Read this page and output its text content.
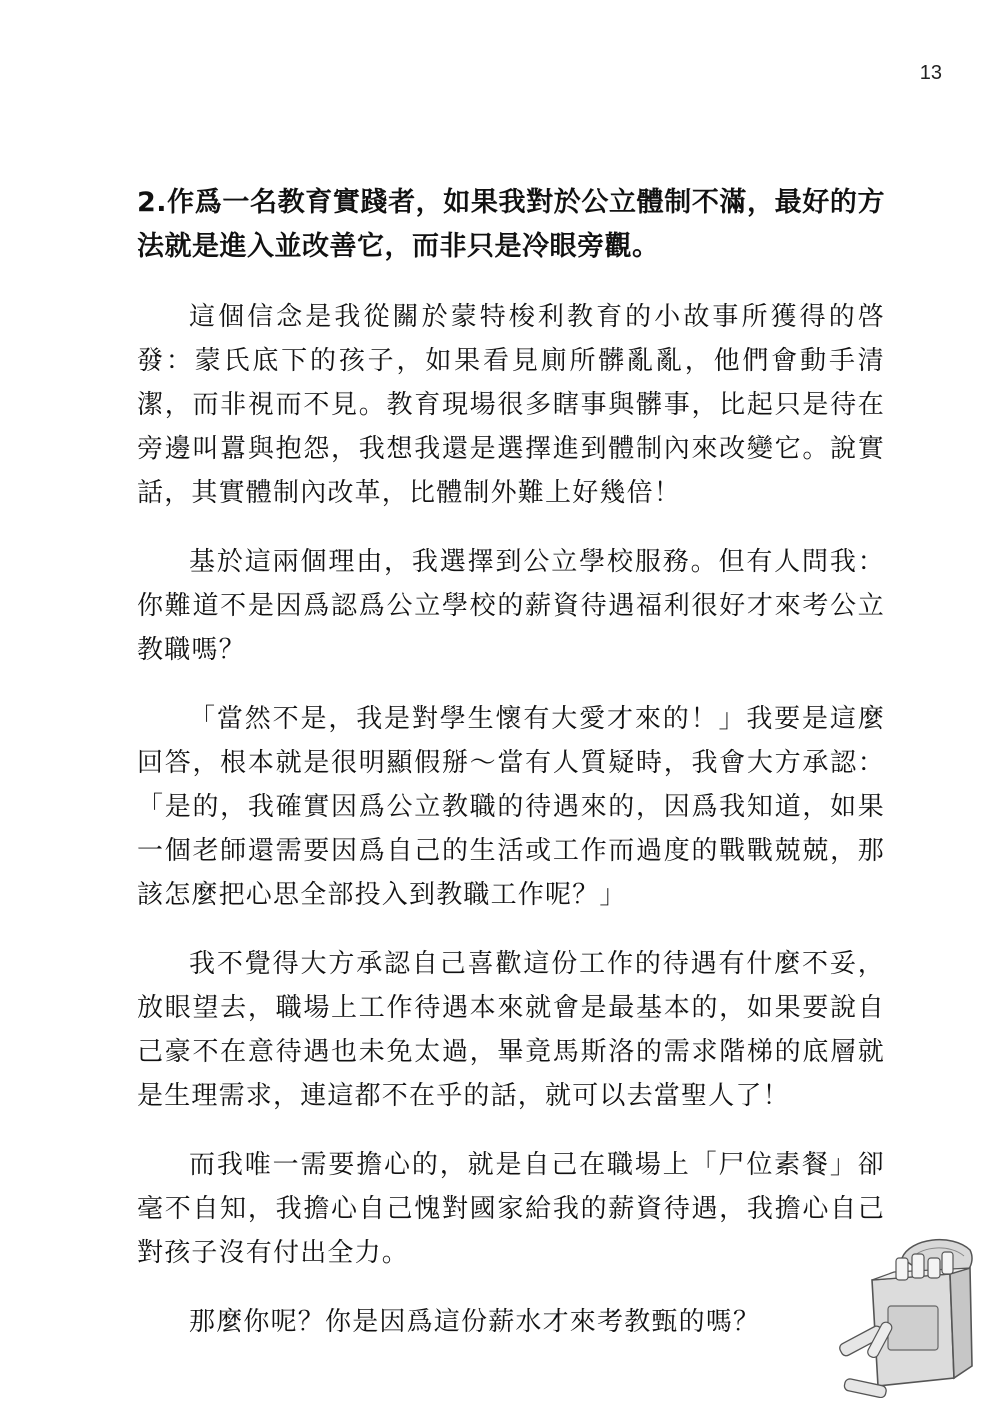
13

2.作爲一名教育實踐者，如果我對於公立體制不滿，最好的方法就是進入並改善它，而非只是冷眼旁觀。

這個信念是我從關於蒙特梭利教育的小故事所獲得的啓發：蒙氏底下的孩子，如果看見廁所髒亂亂，他們會動手清潔，而非視而不見。教育現場很多瞎事與髒事，比起只是待在旁邊叫囂與抱怨，我想我還是選擇進到體制內來改變它。說實話，其實體制內改革，比體制外難上好幾倍！

基於這兩個理由，我選擇到公立學校服務。但有人問我：你難道不是因爲認爲公立學校的薪資待遇福利很好才來考公立教職嗎？

「當然不是，我是對學生懷有大愛才來的！」我要是這麼回答，根本就是很明顯假掰～當有人質疑時，我會大方承認：「是的，我確實因爲公立教職的待遇來的，因爲我知道，如果一個老師還需要因爲自己的生活或工作而過度的戰戰兢兢，那該怎麼把心思全部投入到教職工作呢？」

我不覺得大方承認自己喜歡這份工作的待遇有什麼不妥，放眼望去，職場上工作待遇本來就會是最基本的，如果要說自己豪不在意待遇也未免太過，畢竟馬斯洛的需求階梯的底層就是生理需求，連這都不在乎的話，就可以去當聖人了！

而我唯一需要擔心的，就是自己在職場上「尸位素餐」卻毫不自知，我擔心自己愧對國家給我的薪資待遇，我擔心自己對孩子沒有付出全力。

那麼你呢？你是因爲這份薪水才來考教甄的嗎？
